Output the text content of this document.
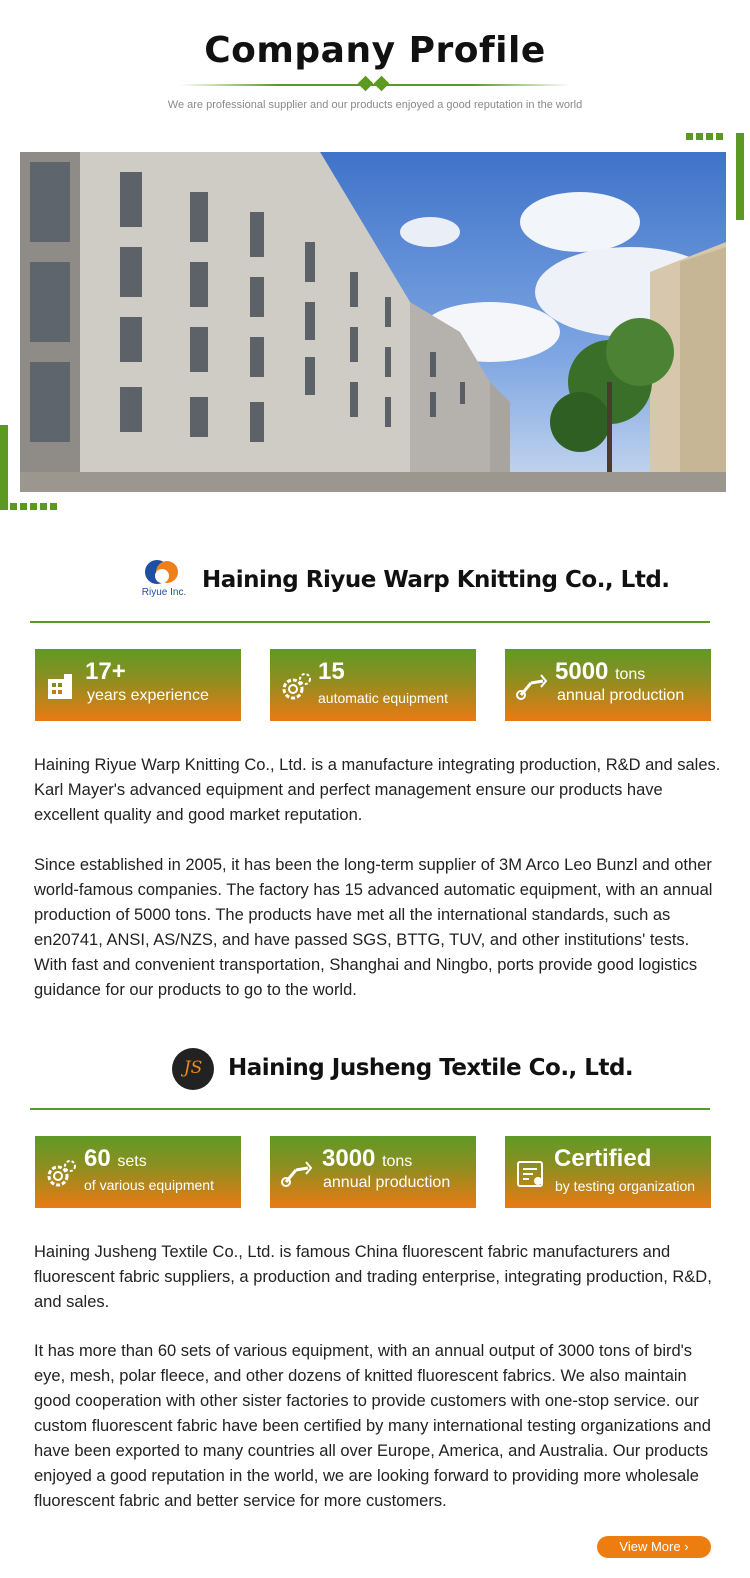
Company Profile
We are professional supplier and our products enjoyed a good reputation in the world
Riyue Inc. Haining Riyue Warp Knitting Co., Ltd.
17+
years experience
15
automatic equipment
5000 tons
annual production
Haining Riyue Warp Knitting Co., Ltd. is a manufacture integrating production, R&D and sales. Karl Mayer's advanced equipment and perfect management ensure our products have excellent quality and good market reputation.
Since established in 2005, it has been the long-term supplier of 3M Arco Leo Bunzl and other world-famous companies. The factory has 15 advanced automatic equipment, with an annual production of 5000 tons. The products have met all the international standards, such as en20741, ANSI, AS/NZS, and have passed SGS, BTTG, TUV, and other institutions' tests. With fast and convenient transportation, Shanghai and Ningbo, ports provide good logistics guidance for our products to go to the world.
JS	Haining Jusheng Textile Co., Ltd.
60 sets
of various equipment
3000 tons
annual production
Certified
by testing organization
Haining Jusheng Textile Co., Ltd. is famous China fluorescent fabric manufacturers and fluorescent fabric suppliers, a production and trading enterprise, integrating production, R&D, and sales.
It has more than 60 sets of various equipment, with an annual output of 3000 tons of bird's eye, mesh, polar fleece, and other dozens of knitted fluorescent fabrics. We also maintain good cooperation with other sister factories to provide customers with one-stop service. our custom fluorescent fabric have been certified by many international testing organizations and have been exported to many countries all over Europe, America, and Australia. Our products enjoyed a good reputation in the world, we are looking forward to providing more wholesale fluorescent fabric and better service for more customers.
View More ›
